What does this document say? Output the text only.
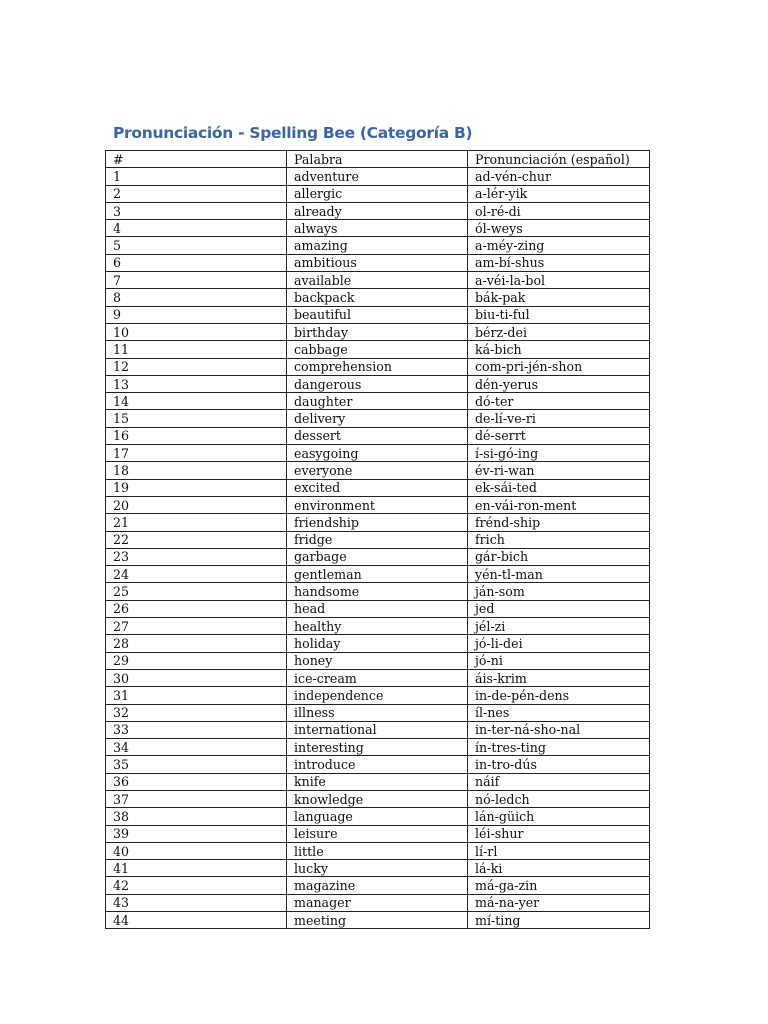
Pronunciación - Spelling Bee (Categoría B)
#	Palabra	Pronunciación (español)
1	adventure	ad-vén-chur
2	allergic	a-lér-yik
3	already	ol-ré-di
4	always	ól-weys
5	amazing	a-méy-zing
6	ambitious	am-bí-shus
7	available	a-véi-la-bol
8	backpack	bák-pak
9	beautiful	biu-ti-ful
10	birthday	bérz-dei
11	cabbage	ká-bich
12	comprehension	com-pri-jén-shon
13	dangerous	dén-yerus
14	daughter	dó-ter
15	delivery	de-lí-ve-ri
16	dessert	dé-serrt
17	easygoing	í-si-gó-ing
18	everyone	év-ri-wan
19	excited	ek-sái-ted
20	environment	en-vái-ron-ment
21	friendship	frénd-ship
22	fridge	frich
23	garbage	gár-bich
24	gentleman	yén-tl-man
25	handsome	ján-som
26	head	jed
27	healthy	jél-zi
28	holiday	jó-li-dei
29	honey	jó-ni
30	ice-cream	áis-krim
31	independence	in-de-pén-dens
32	illness	íl-nes
33	international	in-ter-ná-sho-nal
34	interesting	ín-tres-ting
35	introduce	in-tro-dús
36	knife	náif
37	knowledge	nó-ledch
38	language	lán-güich
39	leisure	léi-shur
40	little	lí-rl
41	lucky	lá-ki
42	magazine	má-ga-zin
43	manager	má-na-yer
44	meeting	mí-ting
